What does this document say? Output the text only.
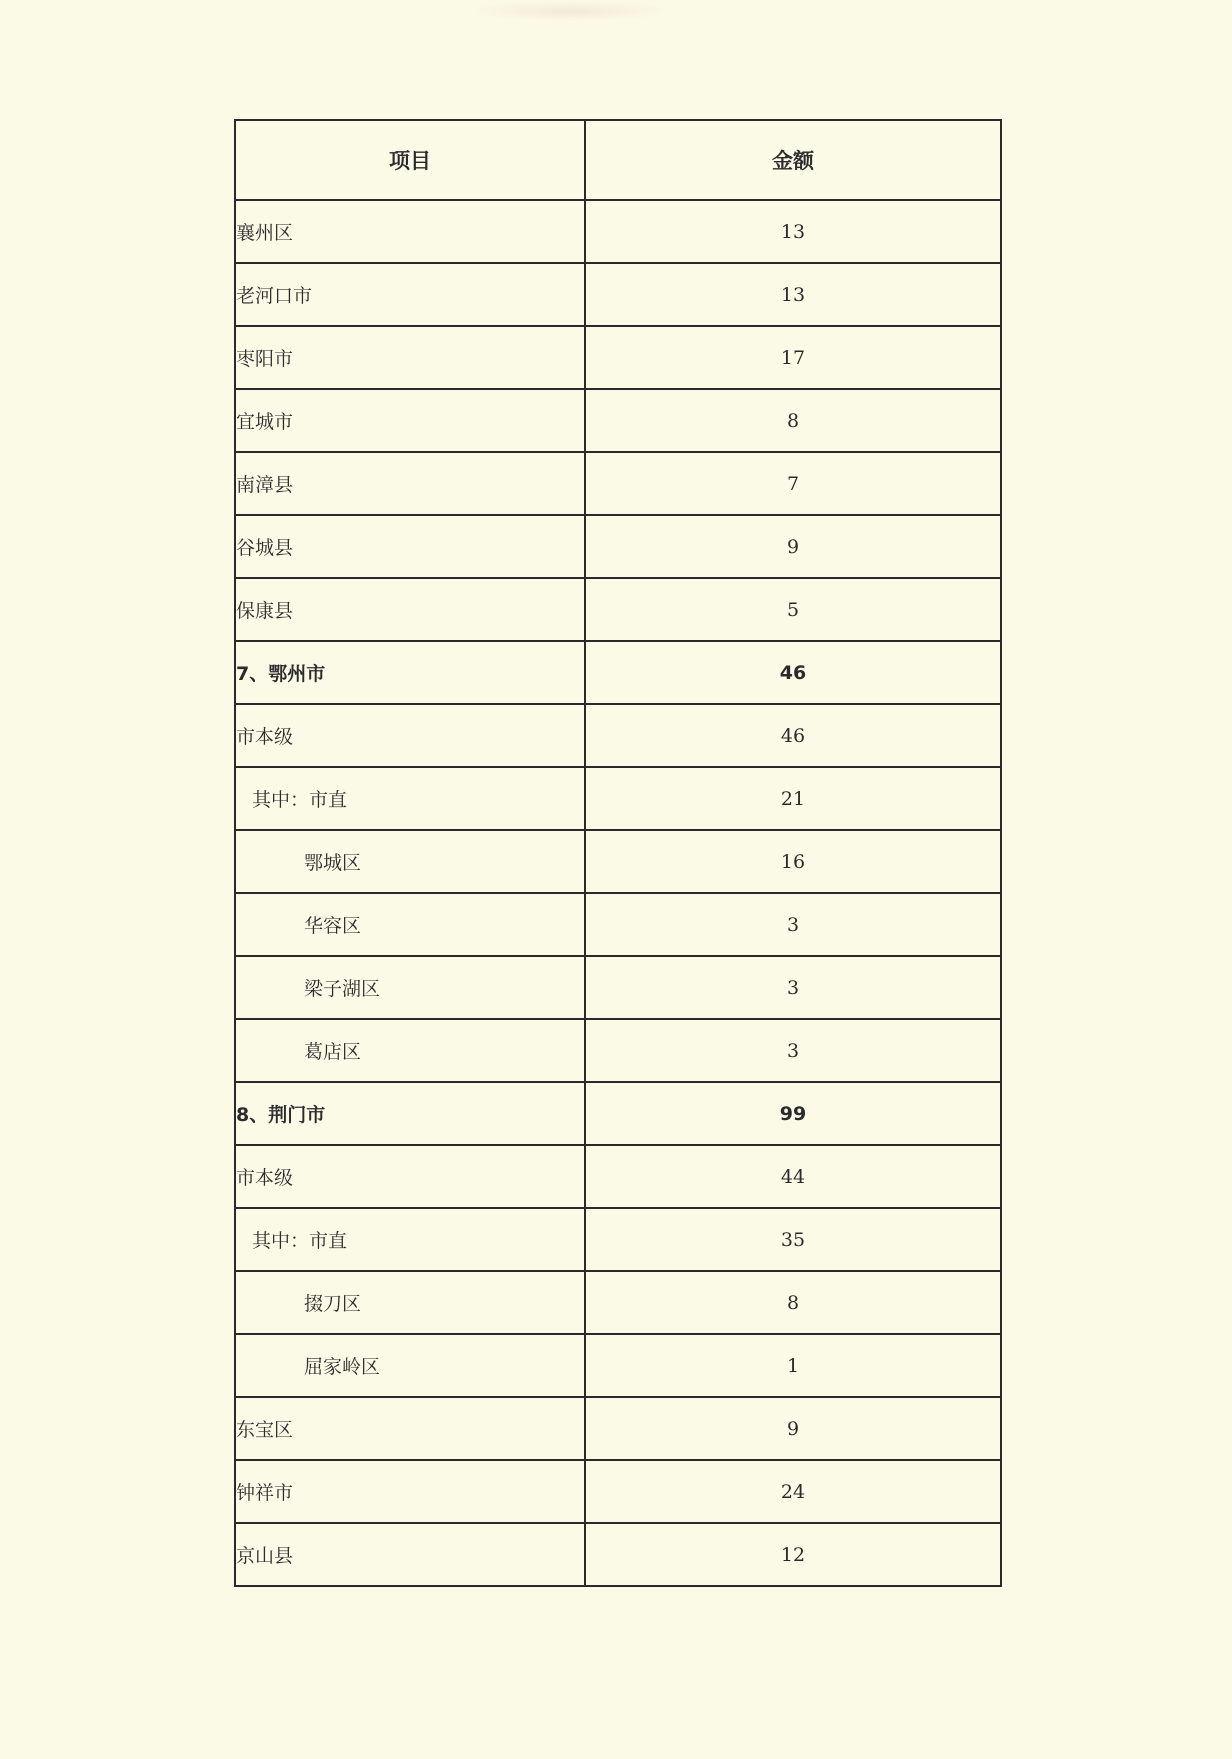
项目	金额
襄州区	13
老河口市	13
枣阳市	17
宜城市	8
南漳县	7
谷城县	9
保康县	5
7、鄂州市	46
市本级	46
其中：市直	21
鄂城区	16
华容区	3
梁子湖区	3
葛店区	3
8、荆门市	99
市本级	44
其中：市直	35
掇刀区	8
屈家岭区	1
东宝区	9
钟祥市	24
京山县	12
